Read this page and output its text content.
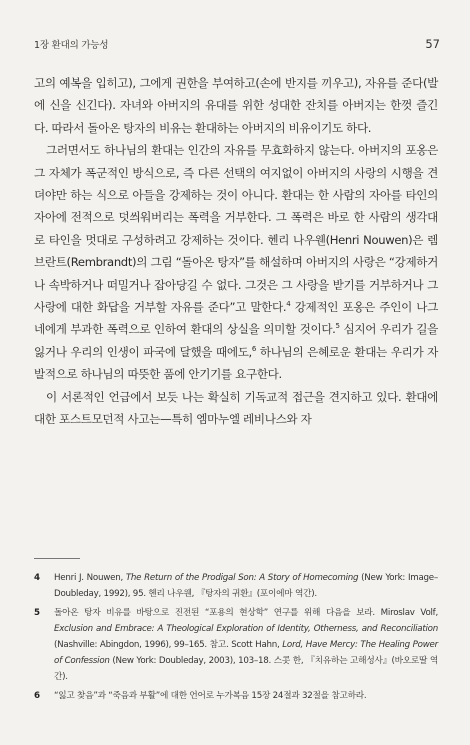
1장 환대의 가능성	57

고의 예복을 입히고), 그에게 권한을 부여하고(손에 반지를 끼우고), 자유를 준다(발에 신을 신긴다). 자녀와 아버지의 유대를 위한 성대한 잔치를 아버지는 한껏 즐긴다. 따라서 돌아온 탕자의 비유는 환대하는 아버지의 비유이기도 하다.

그러면서도 하나님의 환대는 인간의 자유를 무효화하지 않는다. 아버지의 포옹은 그 자체가 폭군적인 방식으로, 즉 다른 선택의 여지없이 아버지의 사랑의 시행을 견뎌야만 하는 식으로 아들을 강제하는 것이 아니다. 환대는 한 사람의 자아를 타인의 자아에 전적으로 덧씌워버리는 폭력을 거부한다. 그 폭력은 바로 한 사람의 생각대로 타인을 멋대로 구성하려고 강제하는 것이다. 헨리 나우웬(Henri Nouwen)은 렘브란트(Rembrandt)의 그림 “돌아온 탕자”를 해설하며 아버지의 사랑은 “강제하거나 속박하거나 떠밀거나 잡아당길 수 없다. 그것은 그 사랑을 받기를 거부하거나 그 사랑에 대한 화답을 거부할 자유를 준다”고 말한다.$^4$ 강제적인 포옹은 주인이 나그네에게 부과한 폭력으로 인하여 환대의 상실을 의미할 것이다.$^5$ 심지어 우리가 길을 잃거나 우리의 인생이 파국에 달했을 때에도,$^6$ 하나님의 은혜로운 환대는 우리가 자발적으로 하나님의 따뜻한 품에 안기기를 요구한다.

이 서론적인 언급에서 보듯 나는 확실히 기독교적 접근을 견지하고 있다. 환대에 대한 포스트모던적 사고는—특히 엠마누엘 레비나스와 자

4	Henri J. Nouwen, The Return of the Prodigal Son: A Story of Homecoming (New York: Image–Doubleday, 1992), 95. 헨리 나우웬, 『탕자의 귀환』(포이에마 역간).
5	돌아온 탕자 비유를 바탕으로 진전된 “포용의 현상학” 연구를 위해 다음을 보라. Miroslav Volf, Exclusion and Embrace: A Theological Exploration of Identity, Otherness, and Reconciliation (Nashville: Abingdon, 1996), 99–165. 참고. Scott Hahn, Lord, Have Mercy: The Healing Power of Confession (New York: Doubleday, 2003), 103–18. 스콧 한, 『치유하는 고해성사』(바오로딸 역간).
6	“잃고 찾음”과 “죽음과 부활”에 대한 언어로 누가복음 15장 24절과 32절을 참고하라.
